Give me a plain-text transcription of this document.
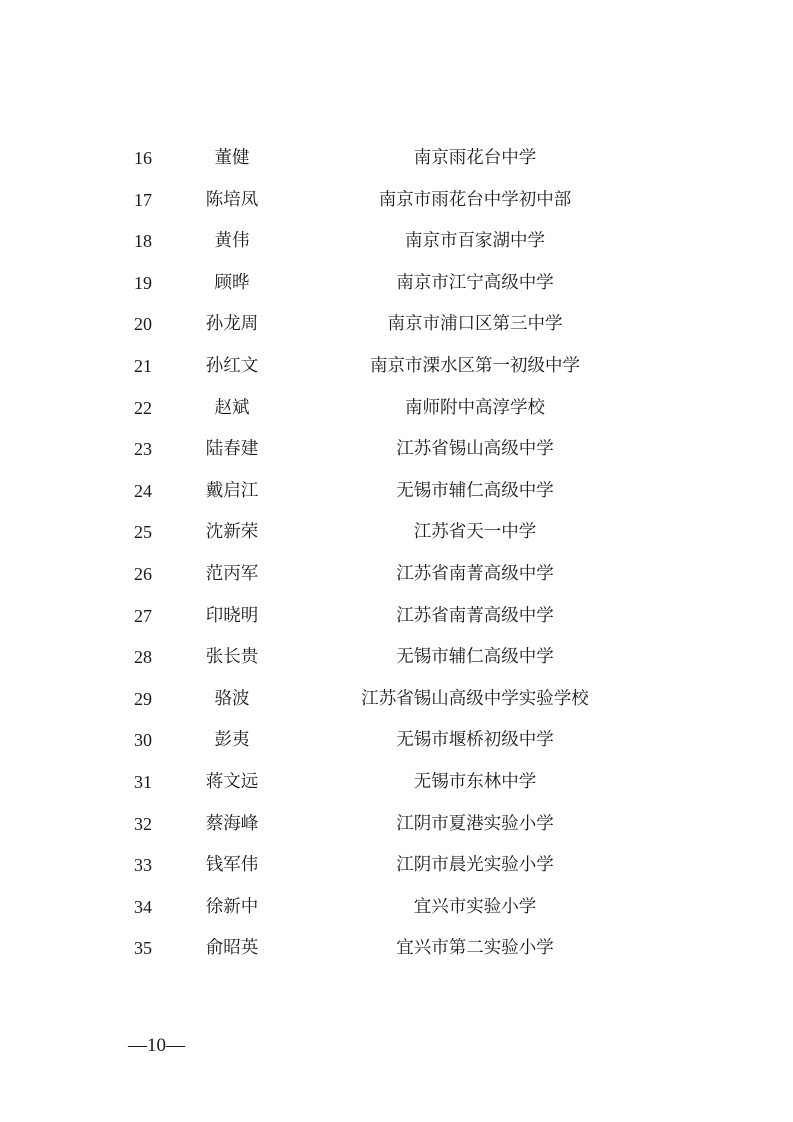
16	董健	南京雨花台中学
17	陈培凤	南京市雨花台中学初中部
18	黄伟	南京市百家湖中学
19	顾晔	南京市江宁高级中学
20	孙龙周	南京市浦口区第三中学
21	孙红文	南京市溧水区第一初级中学
22	赵斌	南师附中高淳学校
23	陆春建	江苏省锡山高级中学
24	戴启江	无锡市辅仁高级中学
25	沈新荣	江苏省天一中学
26	范丙军	江苏省南菁高级中学
27	印晓明	江苏省南菁高级中学
28	张长贵	无锡市辅仁高级中学
29	骆波	江苏省锡山高级中学实验学校
30	彭夷	无锡市堰桥初级中学
31	蒋文远	无锡市东林中学
32	蔡海峰	江阴市夏港实验小学
33	钱军伟	江阴市晨光实验小学
34	徐新中	宜兴市实验小学
35	俞昭英	宜兴市第二实验小学
—10—
